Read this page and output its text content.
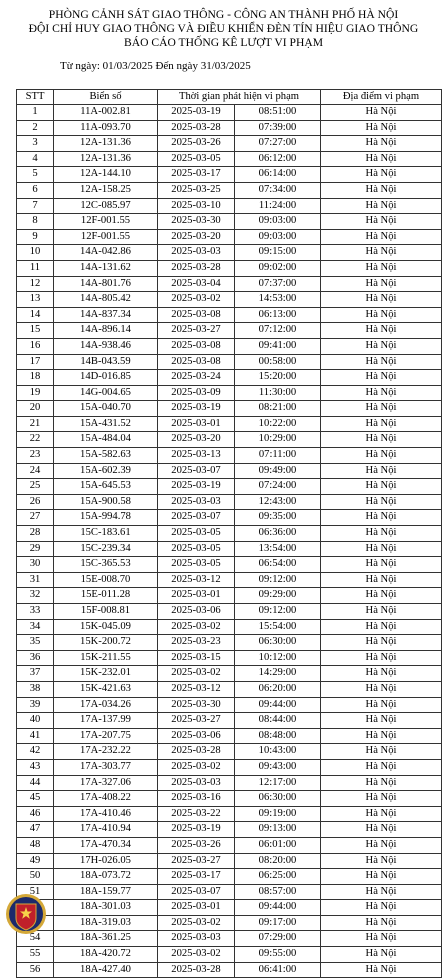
PHÒNG CẢNH SÁT GIAO THÔNG - CÔNG AN THÀNH PHỐ HÀ NỘI
ĐỘI CHỈ HUY GIAO THÔNG VÀ ĐIỀU KHIỂN ĐÈN TÍN HIỆU GIAO THÔNG
BÁO CÁO THỐNG KÊ LƯỢT VI PHẠM
Từ ngày: 01/03/2025 Đến ngày 31/03/2025
STT	Biển số	Thời gian phát hiện vi phạm		Địa điểm vi phạm
1	11A-002.81	2025-03-19	08:51:00	Hà Nội
2	11A-093.70	2025-03-28	07:39:00	Hà Nội
3	12A-131.36	2025-03-26	07:27:00	Hà Nội
4	12A-131.36	2025-03-05	06:12:00	Hà Nội
5	12A-144.10	2025-03-17	06:14:00	Hà Nội
6	12A-158.25	2025-03-25	07:34:00	Hà Nội
7	12C-085.97	2025-03-10	11:24:00	Hà Nội
8	12F-001.55	2025-03-30	09:03:00	Hà Nội
9	12F-001.55	2025-03-20	09:03:00	Hà Nội
10	14A-042.86	2025-03-03	09:15:00	Hà Nội
11	14A-131.62	2025-03-28	09:02:00	Hà Nội
12	14A-801.76	2025-03-04	07:37:00	Hà Nội
13	14A-805.42	2025-03-02	14:53:00	Hà Nội
14	14A-837.34	2025-03-08	06:13:00	Hà Nội
15	14A-896.14	2025-03-27	07:12:00	Hà Nội
16	14A-938.46	2025-03-08	09:41:00	Hà Nội
17	14B-043.59	2025-03-08	00:58:00	Hà Nội
18	14D-016.85	2025-03-24	15:20:00	Hà Nội
19	14G-004.65	2025-03-09	11:30:00	Hà Nội
20	15A-040.70	2025-03-19	08:21:00	Hà Nội
21	15A-431.52	2025-03-01	10:22:00	Hà Nội
22	15A-484.04	2025-03-20	10:29:00	Hà Nội
23	15A-582.63	2025-03-13	07:11:00	Hà Nội
24	15A-602.39	2025-03-07	09:49:00	Hà Nội
25	15A-645.53	2025-03-19	07:24:00	Hà Nội
26	15A-900.58	2025-03-03	12:43:00	Hà Nội
27	15A-994.78	2025-03-07	09:35:00	Hà Nội
28	15C-183.61	2025-03-05	06:36:00	Hà Nội
29	15C-239.34	2025-03-05	13:54:00	Hà Nội
30	15C-365.53	2025-03-05	06:54:00	Hà Nội
31	15E-008.70	2025-03-12	09:12:00	Hà Nội
32	15E-011.28	2025-03-01	09:29:00	Hà Nội
33	15F-008.81	2025-03-06	09:12:00	Hà Nội
34	15K-045.09	2025-03-02	15:54:00	Hà Nội
35	15K-200.72	2025-03-23	06:30:00	Hà Nội
36	15K-211.55	2025-03-15	10:12:00	Hà Nội
37	15K-232.01	2025-03-02	14:29:00	Hà Nội
38	15K-421.63	2025-03-12	06:20:00	Hà Nội
39	17A-034.26	2025-03-30	09:44:00	Hà Nội
40	17A-137.99	2025-03-27	08:44:00	Hà Nội
41	17A-207.75	2025-03-06	08:48:00	Hà Nội
42	17A-232.22	2025-03-28	10:43:00	Hà Nội
43	17A-303.77	2025-03-02	09:43:00	Hà Nội
44	17A-327.06	2025-03-03	12:17:00	Hà Nội
45	17A-408.22	2025-03-16	06:30:00	Hà Nội
46	17A-410.46	2025-03-22	09:19:00	Hà Nội
47	17A-410.94	2025-03-19	09:13:00	Hà Nội
48	17A-470.34	2025-03-26	06:01:00	Hà Nội
49	17H-026.05	2025-03-27	08:20:00	Hà Nội
50	18A-073.72	2025-03-17	06:25:00	Hà Nội
51	18A-159.77	2025-03-07	08:57:00	Hà Nội
	18A-301.03	2025-03-01	09:44:00	Hà Nội
	18A-319.03	2025-03-02	09:17:00	Hà Nội
54	18A-361.25	2025-03-03	07:29:00	Hà Nội
55	18A-420.72	2025-03-02	09:55:00	Hà Nội
56	18A-427.40	2025-03-28	06:41:00	Hà Nội
